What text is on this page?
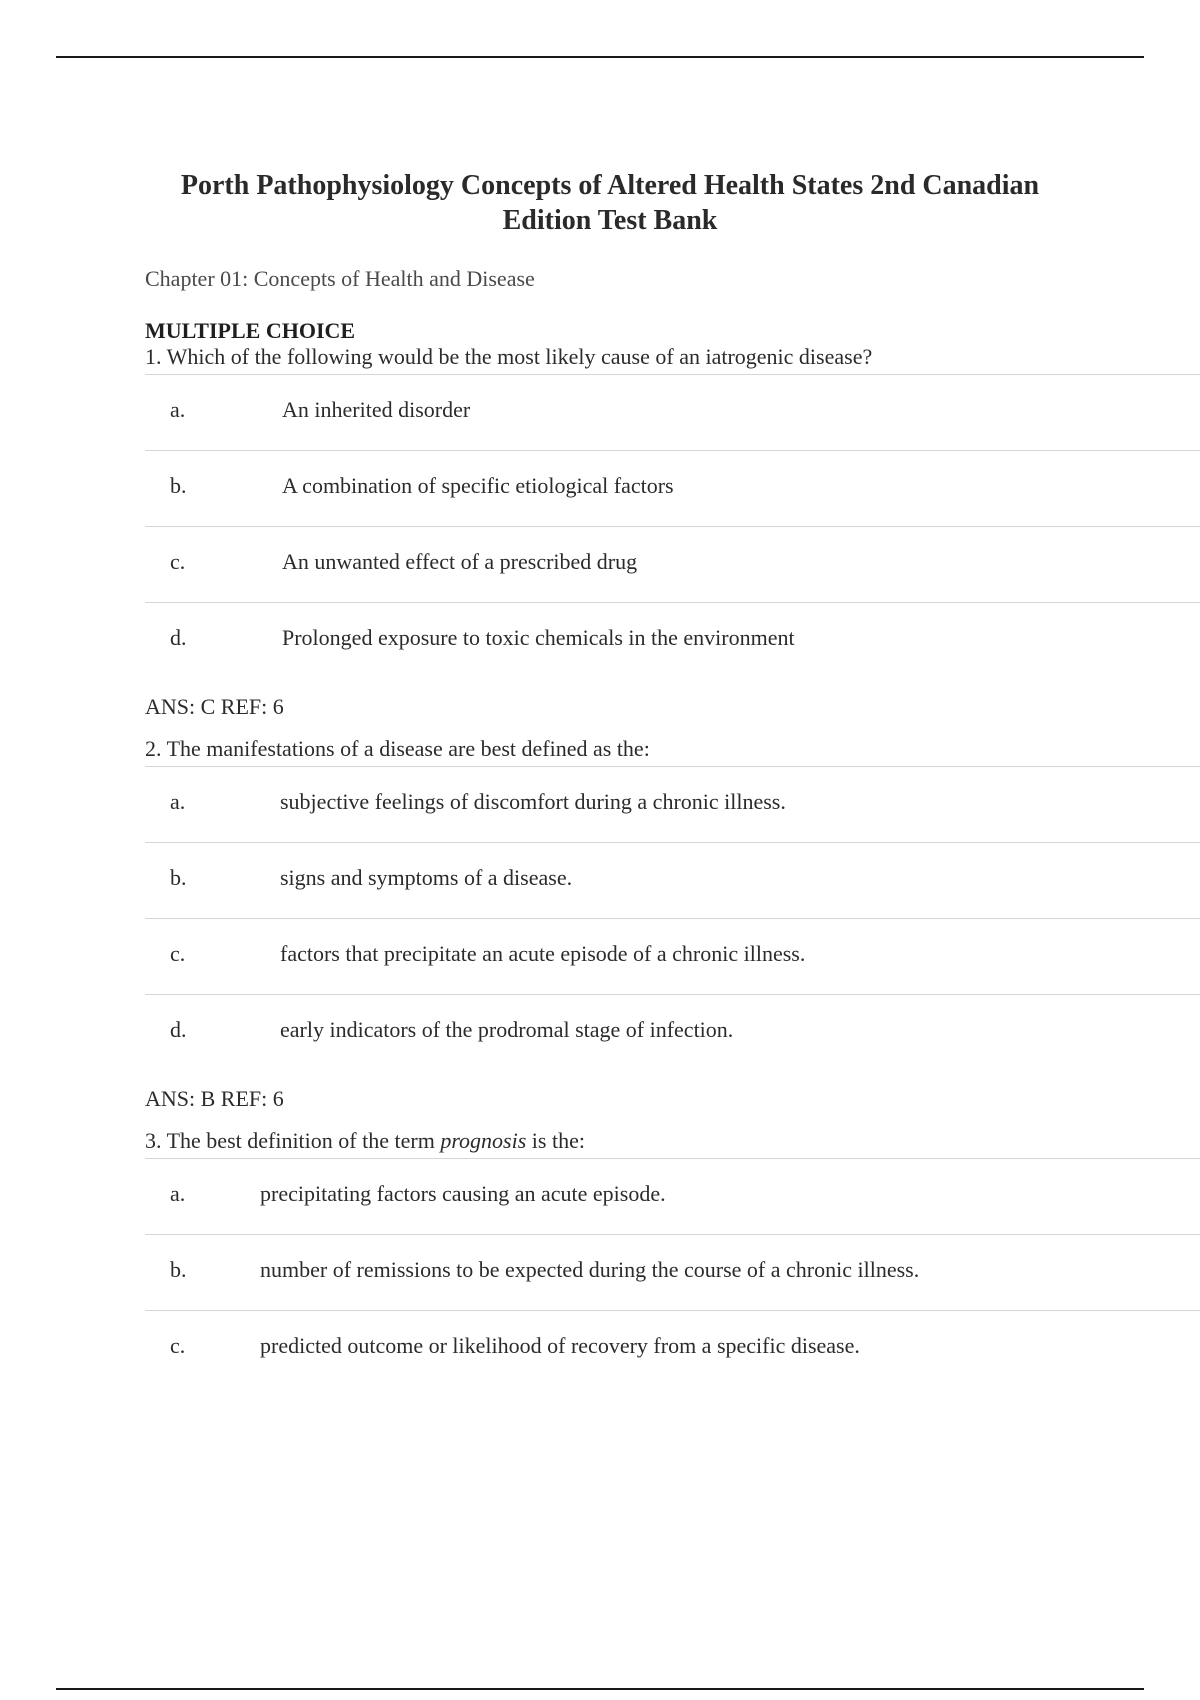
Porth Pathophysiology Concepts of Altered Health States 2nd Canadian Edition Test Bank
Chapter 01: Concepts of Health and Disease
MULTIPLE CHOICE
1. Which of the following would be the most likely cause of an iatrogenic disease?
a.	An inherited disorder
b.	A combination of specific etiological factors
c.	An unwanted effect of a prescribed drug
d.	Prolonged exposure to toxic chemicals in the environment
ANS: C REF: 6
2. The manifestations of a disease are best defined as the:
a.	subjective feelings of discomfort during a chronic illness.
b.	signs and symptoms of a disease.
c.	factors that precipitate an acute episode of a chronic illness.
d.	early indicators of the prodromal stage of infection.
ANS: B REF: 6
3. The best definition of the term prognosis is the:
a.	precipitating factors causing an acute episode.
b.	number of remissions to be expected during the course of a chronic illness.
c.	predicted outcome or likelihood of recovery from a specific disease.
